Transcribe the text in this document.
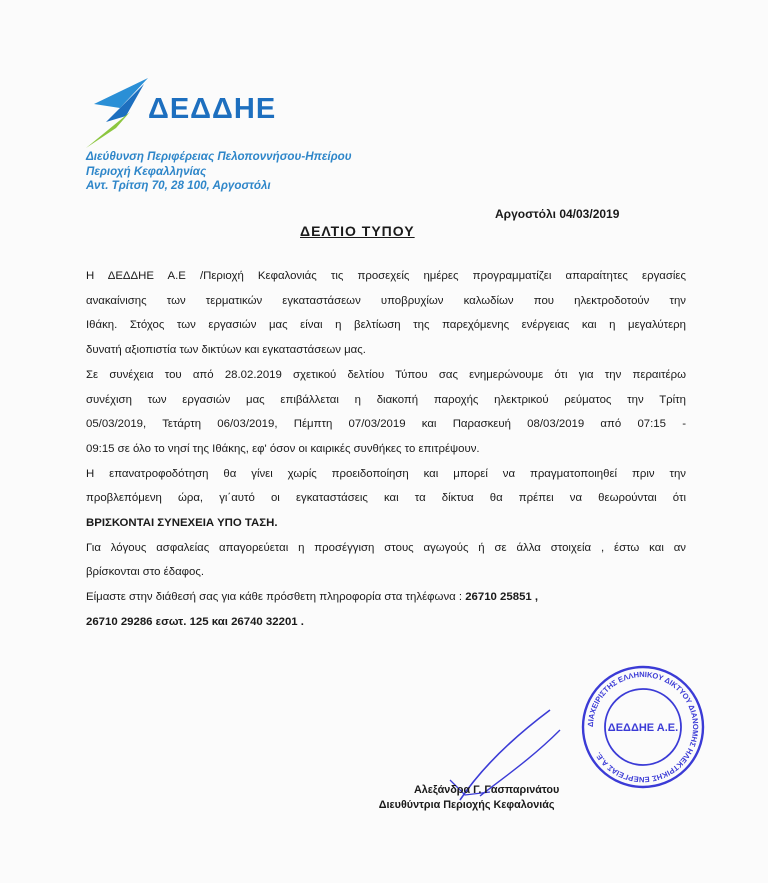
ΔΕΔΔΗΕ
Διεύθυνση Περιφέρειας Πελοποννήσου-Ηπείρου
Περιοχή Κεφαλληνίας
Αντ. Τρίτση 70, 28 100, Αργοστόλι
Αργοστόλι 04/03/2019
ΔΕΛΤΙΟ ΤΥΠΟΥ

Η ΔΕΔΔΗΕ Α.Ε /Περιοχή Κεφαλονιάς τις προσεχείς ημέρες προγραμματίζει απαραίτητες εργασίες

ανακαίνισης των τερματικών εγκαταστάσεων υποβρυχίων καλωδίων που ηλεκτροδοτούν την

Ιθάκη. Στόχος των εργασιών μας είναι η βελτίωση της παρεχόμενης ενέργειας και η μεγαλύτερη

δυνατή αξιοπιστία των δικτύων και εγκαταστάσεων μας.

Σε συνέχεια του από 28.02.2019 σχετικού δελτίου Τύπου σας ενημερώνουμε ότι για την περαιτέρω

συνέχιση των εργασιών μας επιβάλλεται η διακοπή παροχής ηλεκτρικού ρεύματος την Τρίτη

05/03/2019, Τετάρτη 06/03/2019, Πέμπτη 07/03/2019 και Παρασκευή 08/03/2019 από 07:15 -

09:15 σε όλο το νησί της Ιθάκης, εφ' όσον οι καιρικές συνθήκες το επιτρέψουν.

Η επανατροφοδότηση θα γίνει χωρίς προειδοποίηση και μπορεί να πραγματοποιηθεί πριν την

προβλεπόμενη ώρα, γι΄αυτό οι εγκαταστάσεις και τα δίκτυα θα πρέπει να θεωρούνται ότι

ΒΡΙΣΚΟΝΤΑΙ ΣΥΝΕΧΕΙΑ ΥΠΟ ΤΑΣΗ.

Για λόγους ασφαλείας απαγορεύεται η προσέγγιση στους αγωγούς ή σε άλλα στοιχεία , έστω και αν

βρίσκονται στο έδαφος.

Είμαστε στην διάθεσή σας για κάθε πρόσθετη πληροφορία στα τηλέφωνα : 26710 25851 ,

26710 29286 εσωτ. 125 και 26740 32201 .

ΔΙΑΧΕΙΡΙΣΤΗΣ ΕΛΛΗΝΙΚΟΥ ΔΙΚΤΥΟΥ ΔΙΑΝΟΜΗΣ ΗΛΕΚΤΡΙΚΗΣ ΕΝΕΡΓΕΙΑΣ Α.Ε.
ΔΕΔΔΗΕ Α.Ε.
Αλεξάνδρα Γ. Γασπαρινάτου
Διευθύντρια Περιοχής Κεφαλονιάς
